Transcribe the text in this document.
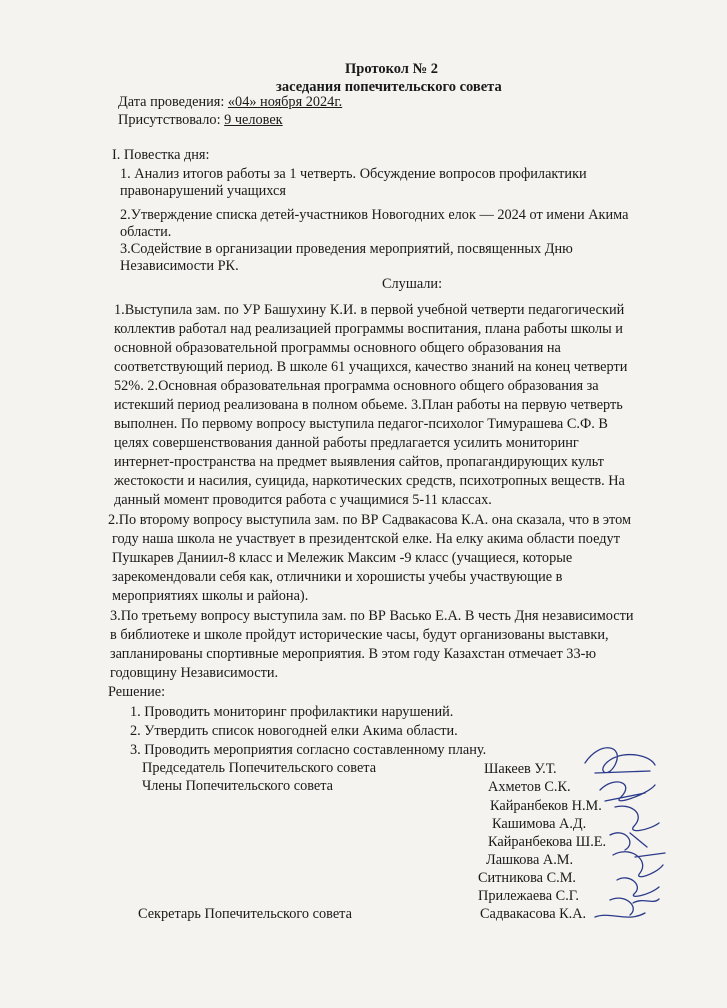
Протокол № 2
заседания попечительского совета
Дата проведения: «04» ноября 2024г.
Присутствовало: 9 человек
I. Повестка дня:
1. Анализ итогов работы за 1 четверть. Обсуждение вопросов профилактики
правонарушений учащихся
2.Утверждение списка детей-участников Новогодних елок — 2024 от имени Акима
области.
3.Содействие в организации проведения мероприятий, посвященных Дню
Независимости РК.
Слушали:
1.Выступила зам. по УР Башухину К.И. в первой учебной четверти педагогический
коллектив работал над реализацией программы воспитания, плана работы школы и
основной образовательной программы основного общего образования на
соответствующий период. В школе 61 учащихся, качество знаний на конец четверти
52%. 2.Основная образовательная программа основного общего образования за
истекший период реализована в полном обьеме. 3.План работы на первую четверть
выполнен. По первому вопросу выступила педагог-психолог Тимурашева С.Ф. В
целях совершенствования данной работы предлагается усилить мониторинг
интернет-пространства на предмет выявления сайтов, пропагандирующих культ
жестокости и насилия, суицида, наркотических средств, психотропных веществ. На
данный момент проводится работа с учащимися 5-11 классах.
2.По второму вопросу выступила зам. по ВР Садвакасова К.А. она сказала, что в этом
году наша школа не участвует в президентской елке. На елку акима области поедут
Пушкарев Даниил-8 класс и Мележик Максим -9 класс (учащиеся, которые
зарекомендовали себя как, отличники и хорошисты учебы участвующие в
мероприятиях школы и района).
3.По третьему вопросу выступила зам. по ВР Васько Е.А. В честь Дня независимости
в библиотеке и школе пройдут исторические часы, будут организованы выставки,
запланированы спортивные мероприятия. В этом году Казахстан отмечает 33-ю
годовщину Независимости.
Решение:
1. Проводить мониторинг профилактики нарушений.
2. Утвердить список новогодней елки Акима области.
3. Проводить мероприятия согласно составленному плану.
Председатель Попечительского совета
Члены Попечительского совета
Секретарь Попечительского совета
Шакеев У.Т.
Ахметов С.К.
Кайранбеков Н.М.
Кашимова А.Д.
Кайранбекова Ш.Е.
Лашкова А.М.
Ситникова С.М.
Прилежаева С.Г.
Садвакасова К.А.
